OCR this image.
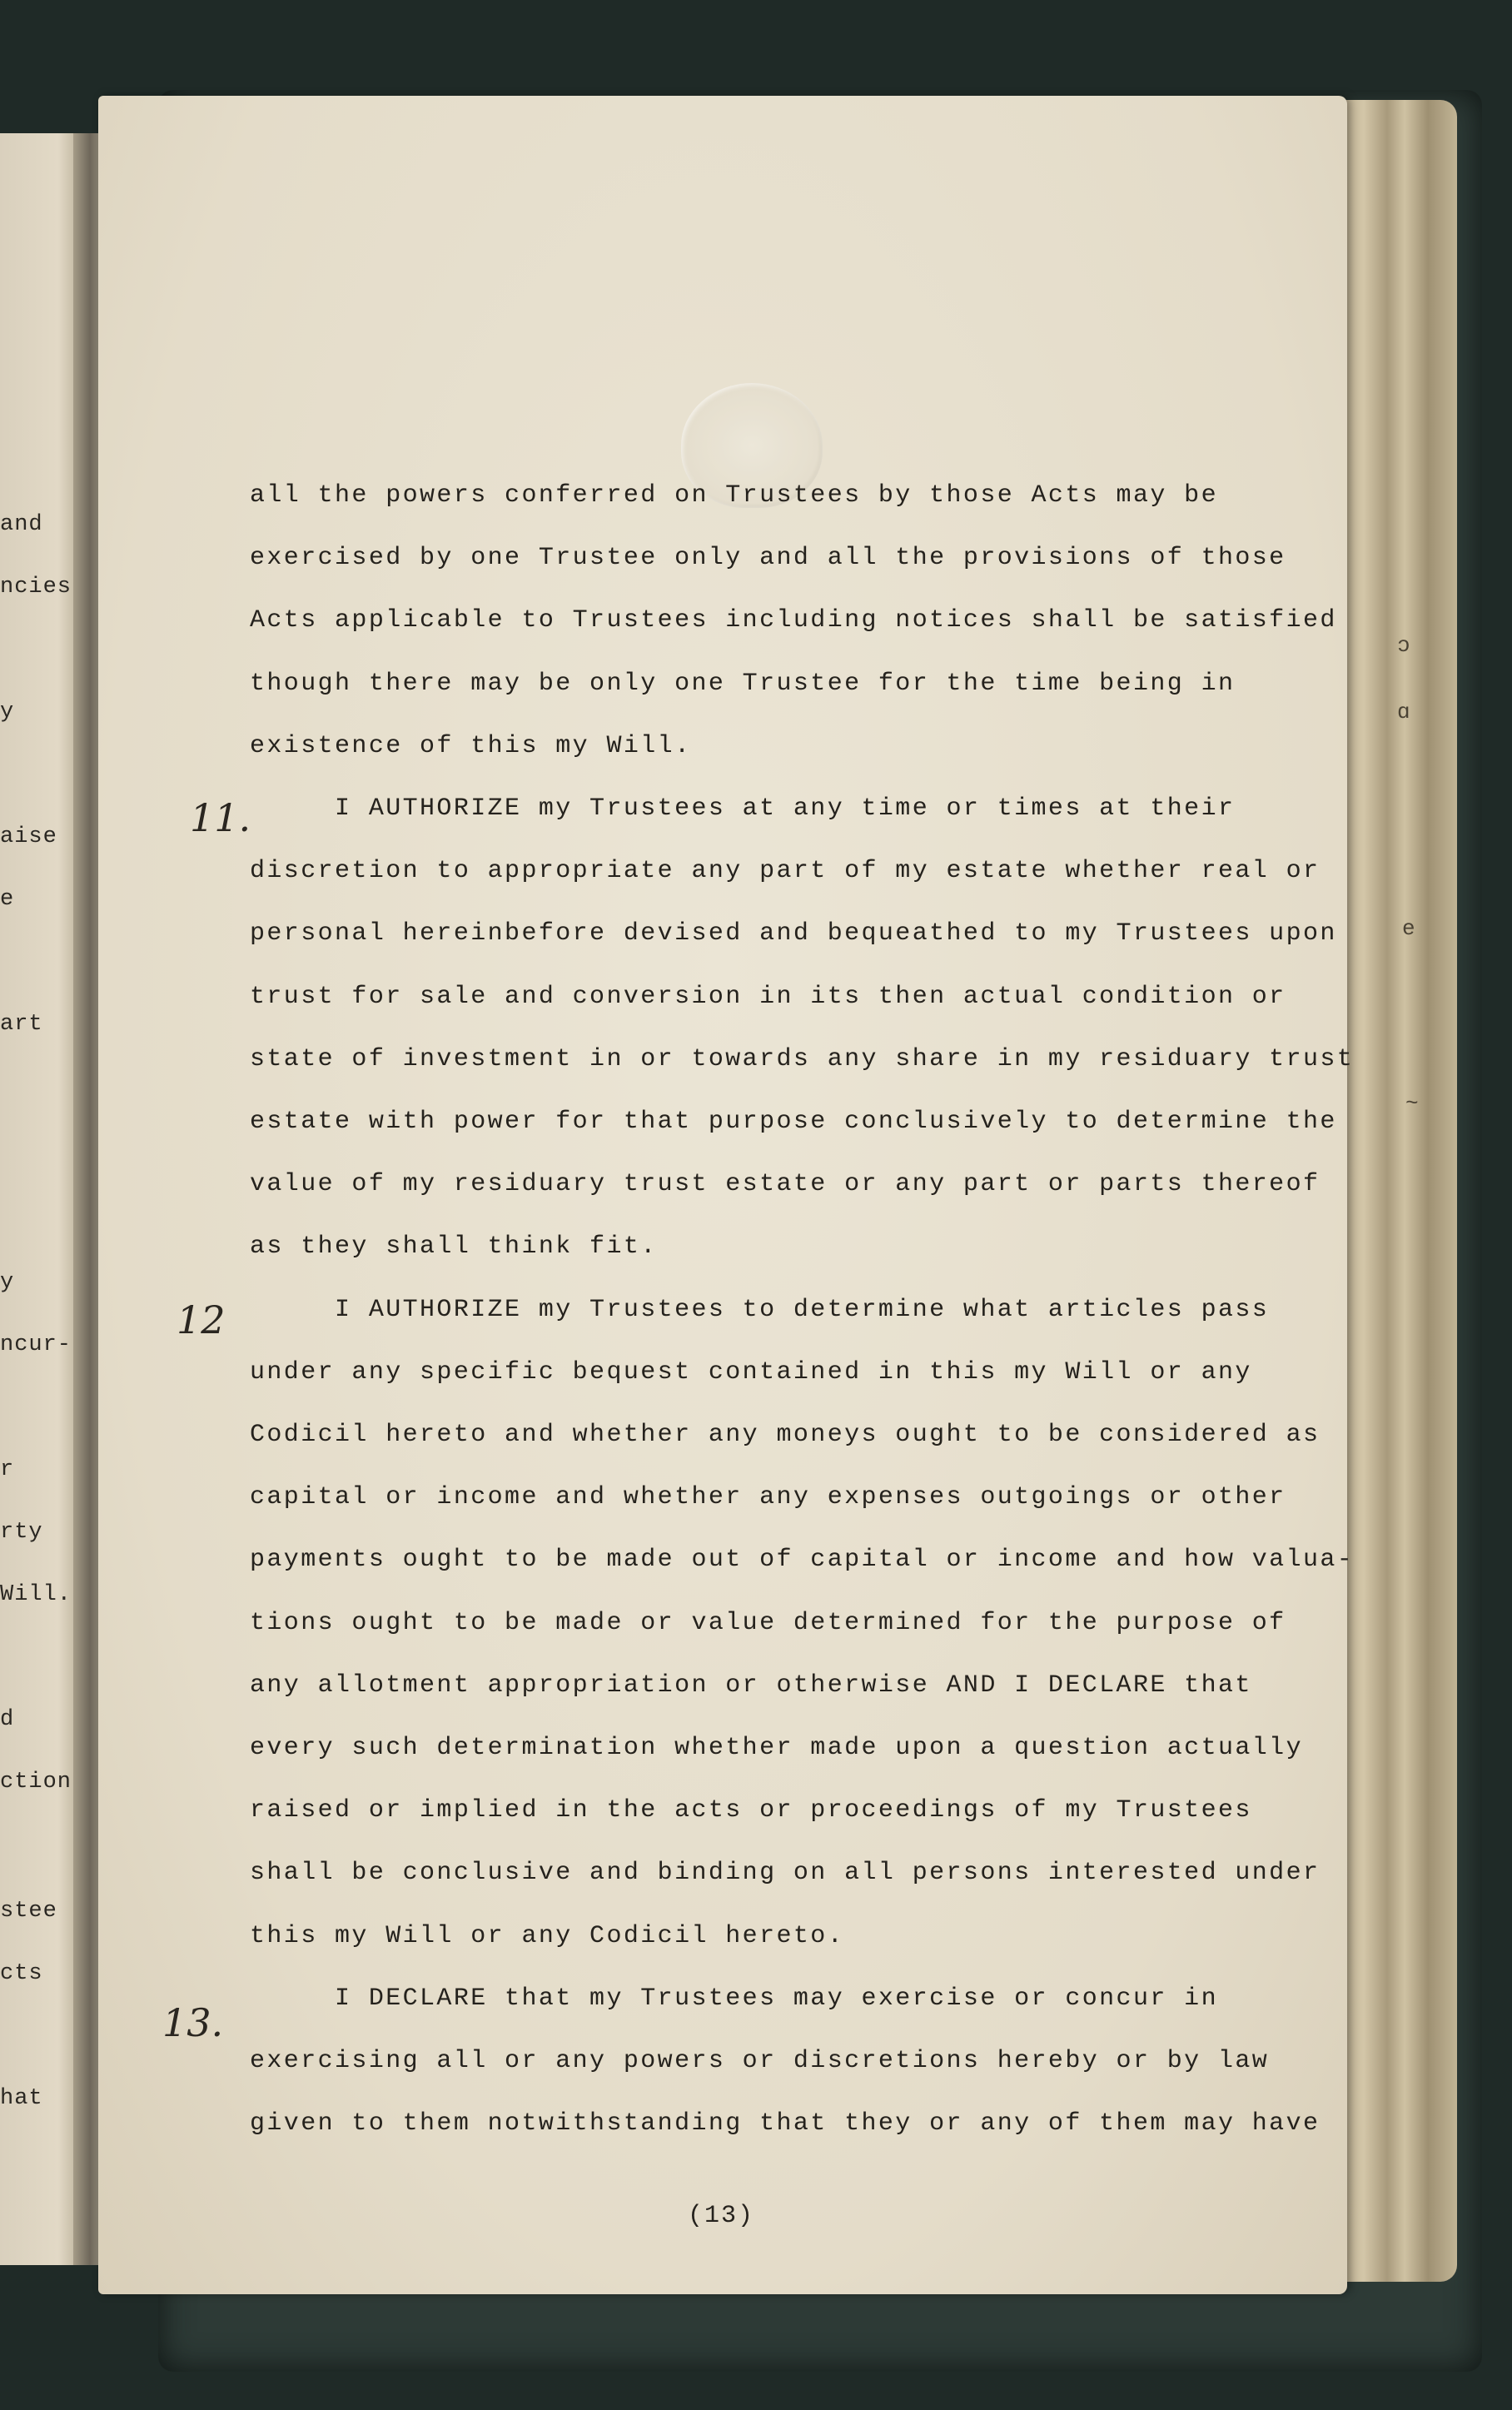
and
ncies
y
aise
e
art
y
ncur-
r
rty
Will.
d
ction
stee
cts
hat
all the powers conferred on Trustees by those Acts may be
exercised by one Trustee only and all the provisions of those
Acts applicable to Trustees including notices shall be satisfied
though there may be only one Trustee for the time being in
existence of this my Will.
I AUTHORIZE my Trustees at any time or times at their
discretion to appropriate any part of my estate whether real or
personal hereinbefore devised and bequeathed to my Trustees upon
trust for sale and conversion in its then actual condition or
state of investment in or towards any share in my residuary trust
estate with power for that purpose conclusively to determine the
value of my residuary trust estate or any part or parts thereof
as they shall think fit.
I AUTHORIZE my Trustees to determine what articles pass
under any specific bequest contained in this my Will or any
Codicil hereto and whether any moneys ought to be considered as
capital or income and whether any expenses outgoings or other
payments ought to be made out of capital or income and how valua-
tions ought to be made or value determined for the purpose of
any allotment appropriation or otherwise AND I DECLARE that
every such determination whether made upon a question actually
raised or implied in the acts or proceedings of my Trustees
shall be conclusive and binding on all persons interested under
this my Will or any Codicil hereto.
I DECLARE that my Trustees may exercise or concur in
exercising all or any powers or discretions hereby or by law
given to them notwithstanding that they or any of them may have
11.
12
13.
(13)
ɔ
ɑ
e
~
